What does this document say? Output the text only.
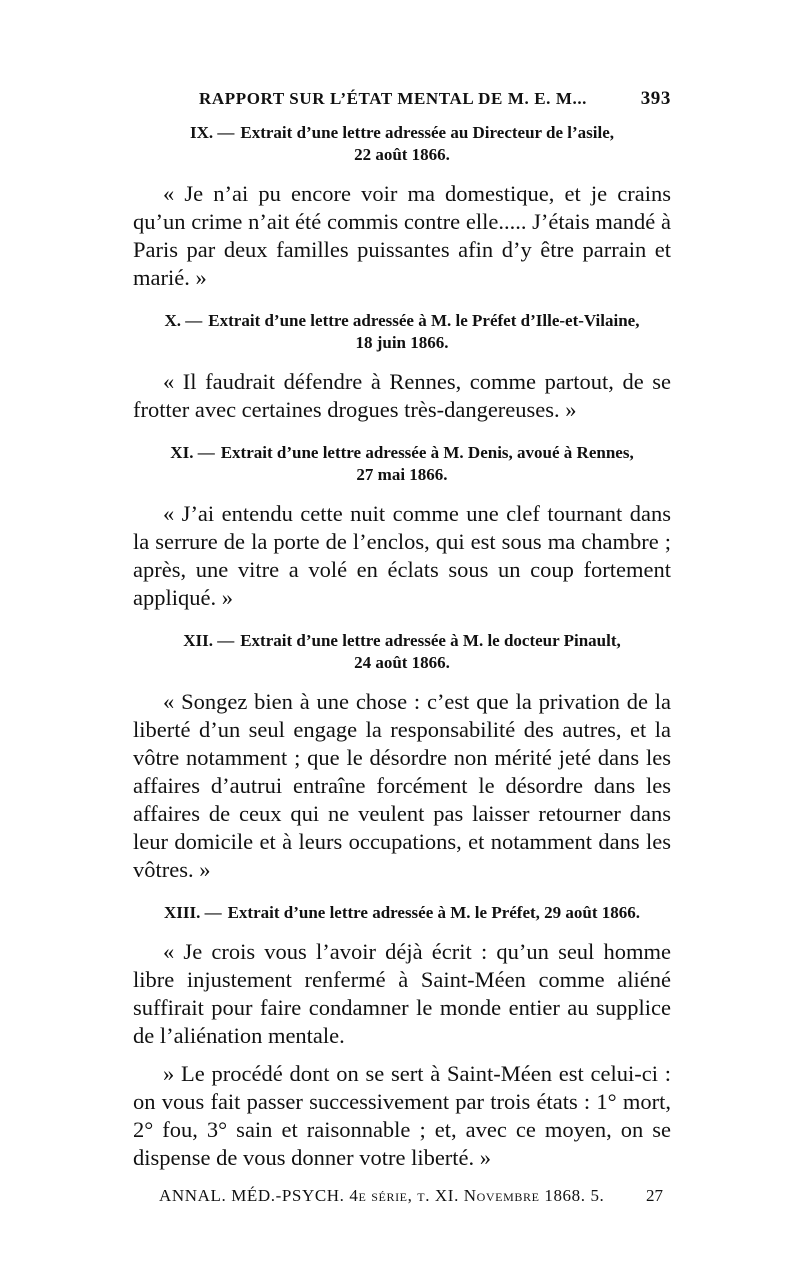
RAPPORT SUR L’ÉTAT MENTAL DE M. E. M...	393

IX. — Extrait d’une lettre adressée au Directeur de l’asile,

22 août 1866.

« Je n’ai pu encore voir ma domestique, et je crains qu’un crime n’ait été commis contre elle..... J’étais mandé à Paris par deux familles puissantes afin d’y être parrain et marié. »

X. — Extrait d’une lettre adressée à M. le Préfet d’Ille-et-Vilaine,

18 juin 1866.

« Il faudrait défendre à Rennes, comme partout, de se frotter avec certaines drogues très-dangereuses. »

XI. — Extrait d’une lettre adressée à M. Denis, avoué à Rennes,

27 mai 1866.

« J’ai entendu cette nuit comme une clef tournant dans la serrure de la porte de l’enclos, qui est sous ma chambre ; après, une vitre a volé en éclats sous un coup fortement appliqué. »

XII. — Extrait d’une lettre adressée à M. le docteur Pinault,

24 août 1866.

« Songez bien à une chose : c’est que la privation de la liberté d’un seul engage la responsabilité des autres, et la vôtre notamment ; que le désordre non mérité jeté dans les affaires d’autrui entraîne forcément le désordre dans les affaires de ceux qui ne veulent pas laisser retourner dans leur domicile et à leurs occupations, et notamment dans les vôtres. »

XIII. — Extrait d’une lettre adressée à M. le Préfet, 29 août 1866.

« Je crois vous l’avoir déjà écrit : qu’un seul homme libre injustement renfermé à Saint-Méen comme aliéné suffirait pour faire condamner le monde entier au supplice de l’aliénation mentale.

» Le procédé dont on se sert à Saint-Méen est celui-ci : on vous fait passer successivement par trois états : 1° mort, 2° fou, 3° sain et raisonnable ; et, avec ce moyen, on se dispense de vous donner votre liberté. »

ANNAL. MÉD.-PSYCH. 4e série, t. XI. Novembre 1868. 5. 27
